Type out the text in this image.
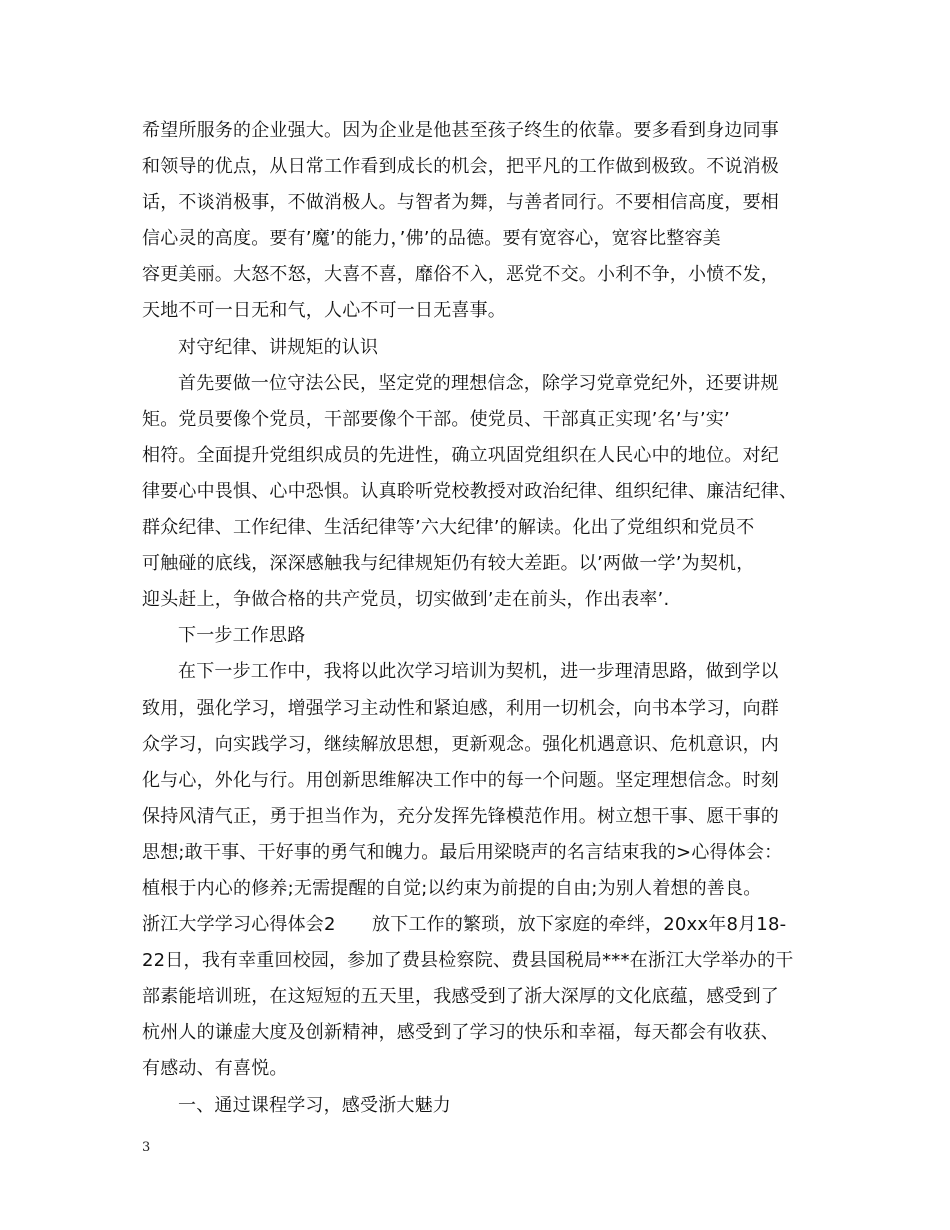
希望所服务的企业强大。因为企业是他甚至孩子终生的依靠。要多看到身边同事
和领导的优点，从日常工作看到成长的机会，把平凡的工作做到极致。不说消极
话，不谈消极事，不做消极人。与智者为舞，与善者同行。不要相信高度，要相
信心灵的高度。要有’魔’的能力，’佛’的品德。要有宽容心，宽容比整容美
容更美丽。大怒不怒，大喜不喜，靡俗不入，恶党不交。小利不争，小愤不发，
天地不可一日无和气，人心不可一日无喜事。
对守纪律、讲规矩的认识
首先要做一位守法公民，坚定党的理想信念，除学习党章党纪外，还要讲规
矩。党员要像个党员，干部要像个干部。使党员、干部真正实现’名’与’实’
相符。全面提升党组织成员的先进性，确立巩固党组织在人民心中的地位。对纪
律要心中畏惧、心中恐惧。认真聆听党校教授对政治纪律、组织纪律、廉洁纪律、
群众纪律、工作纪律、生活纪律等’六大纪律’的解读。化出了党组织和党员不
可触碰的底线，深深感触我与纪律规矩仍有较大差距。以’两做一学’为契机，
迎头赶上，争做合格的共产党员，切实做到’走在前头，作出表率’.
下一步工作思路
在下一步工作中，我将以此次学习培训为契机，进一步理清思路，做到学以
致用，强化学习，增强学习主动性和紧迫感，利用一切机会，向书本学习，向群
众学习，向实践学习，继续解放思想，更新观念。强化机遇意识、危机意识，内
化与心，外化与行。用创新思维解决工作中的每一个问题。坚定理想信念。时刻
保持风清气正，勇于担当作为，充分发挥先锋模范作用。树立想干事、愿干事的
思想;敢干事、干好事的勇气和魄力。最后用梁晓声的名言结束我的>心得体会：
植根于内心的修养;无需提醒的自觉;以约束为前提的自由;为别人着想的善良。
浙江大学学习心得体会2　　放下工作的繁琐，放下家庭的牵绊，20xx年8月18-
22日，我有幸重回校园，参加了费县检察院、费县国税局***在浙江大学举办的干
部素能培训班，在这短短的五天里，我感受到了浙大深厚的文化底蕴，感受到了
杭州人的谦虚大度及创新精神，感受到了学习的快乐和幸福，每天都会有收获、
有感动、有喜悦。
一、通过课程学习，感受浙大魅力
3
